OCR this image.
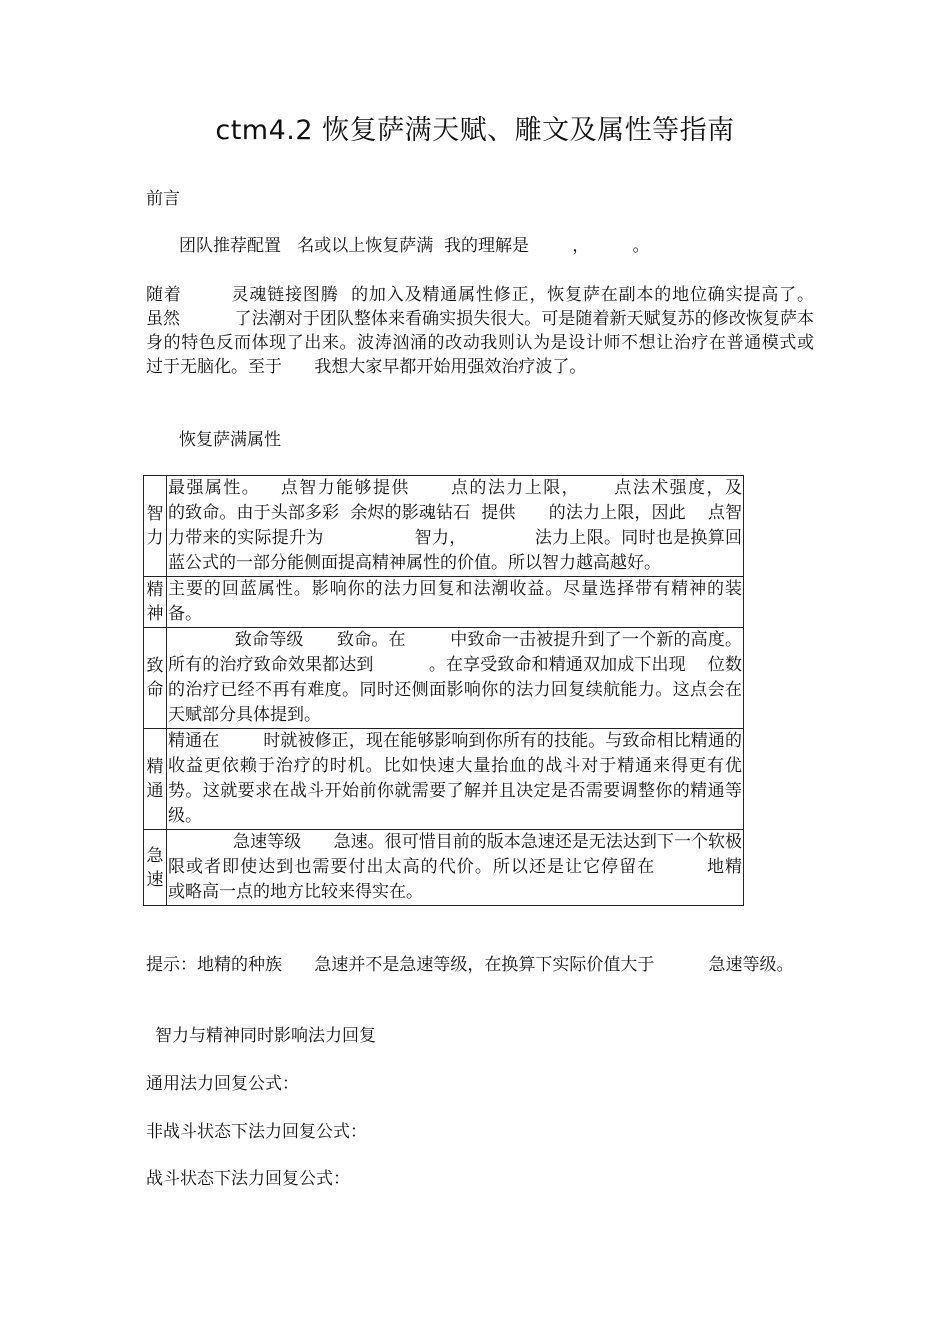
ctm4.2 恢复萨满天赋、雕文及属性等指南

前言

团队推荐配置   名或以上恢复萨满  我的理解是        ，        。

随着        灵魂链接图腾  的加入及精通属性修正，恢复萨在副本的地位确实提高了。      虽然          了法潮对于团队整体来看确实损失很大。可是随着新天赋复苏的修改恢复萨本身的特色反而体现了出来。波涛汹涌的改动我则认为是设计师不想让治疗在普通模式或      过于无脑化。至于      我想大家早都开始用强效治疗波了。

恢复萨满属性

智力	最强属性。   点智力能够提供      点的法力上限，     点法术强度，及              的致命。由于头部多彩  余烬的影魂钻石  提供      的法力上限，因此    点智力带来的实际提升为                智力，            法力上限。同时也是换算回蓝公式的一部分能侧面提高精神属性的价值。所以智力越高越好。
精神	主要的回蓝属性。影响你的法力回复和法潮收益。尽量选择带有精神的装备。
致命	致命等级      致命。在        中致命一击被提升到了一个新的高度。所有的治疗致命效果都达到          。在享受致命和精通双加成下出现    位数的治疗已经不再有难度。同时还侧面影响你的法力回复续航能力。这点会在天赋部分具体提到。
精通	精通在        时就被修正，现在能够影响到你所有的技能。与致命相比精通的收益更依赖于治疗的时机。比如快速大量抬血的战斗对于精通来得更有优势。这就要求在战斗开始前你就需要了解并且决定是否需要调整你的精通等级。
急速	急速等级      急速。很可惜目前的版本急速还是无法达到下一个软极限或者即使达到也需要付出太高的代价。所以还是让它停留在        地精          或略高一点的地方比较来得实在。

提示：地精的种族      急速并不是急速等级，在换算下实际价值大于          急速等级。

智力与精神同时影响法力回复

通用法力回复公式：

非战斗状态下法力回复公式：

战斗状态下法力回复公式：
